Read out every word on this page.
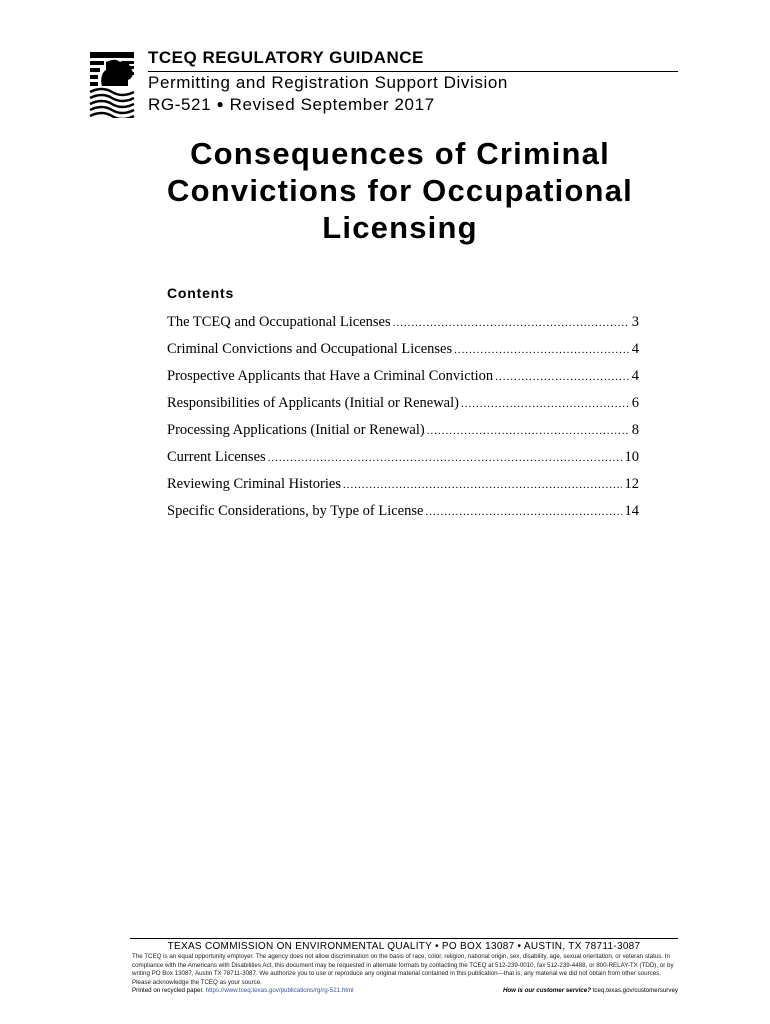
TCEQ REGULATORY GUIDANCE
Permitting and Registration Support Division
RG-521 ● Revised September 2017
Consequences of Criminal
Convictions for Occupational
Licensing
Contents
The TCEQ and Occupational Licenses .....	3
Criminal Convictions and Occupational Licenses .....	4
Prospective Applicants that Have a Criminal Conviction .....	4
Responsibilities of Applicants (Initial or Renewal) .....	6
Processing Applications (Initial or Renewal) .....	8
Current Licenses .....	10
Reviewing Criminal Histories .....	12
Specific Considerations, by Type of License .....	14
TEXAS COMMISSION ON ENVIRONMENTAL QUALITY • PO BOX 13087 • AUSTIN, TX 78711-3087
The TCEQ is an equal opportunity employer. The agency does not allow discrimination on the basis of race, color, religion, national origin, sex, disability, age, sexual orientation, or veteran status. In compliance with the Americans with Disabilities Act, this document may be requested in alternate formats by contacting the TCEQ at 512-239-0010, fax 512-239-4488, or 800-RELAY-TX (TDD), or by writing PO Box 13087, Austin TX 78711-3087. We authorize you to use or reproduce any original material contained in this publication—that is, any material we did not obtain from other sources. Please acknowledge the TCEQ as your source.
Printed on recycled paper. https://www.tceq.texas.gov/publications/rg/rg-521.html	How is our customer service? tceq.texas.gov/customersurvey
